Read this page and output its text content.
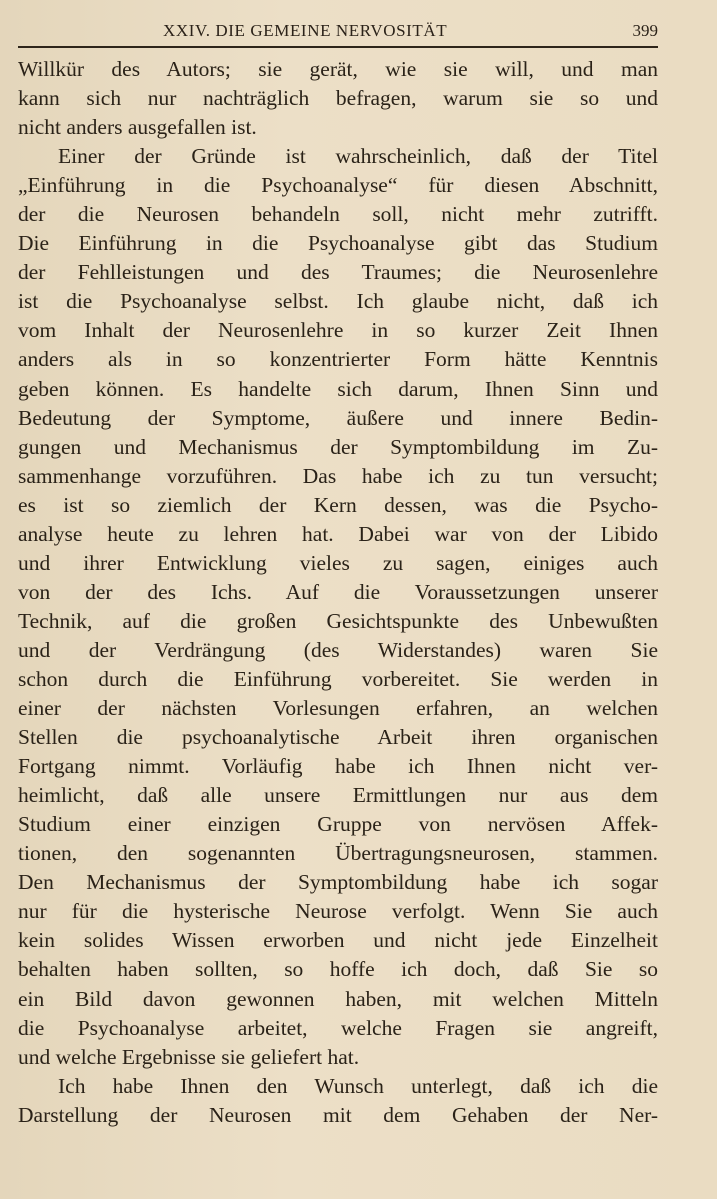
XXIV. DIE GEMEINE NERVOSITÄT	399
Willkür des Autors; sie gerät, wie sie will, und man
kann sich nur nachträglich befragen, warum sie so und
nicht anders ausgefallen ist.
Einer der Gründe ist wahrscheinlich, daß der Titel
„Einführung in die Psychoanalyse“ für diesen Abschnitt,
der die Neurosen behandeln soll, nicht mehr zutrifft.
Die Einführung in die Psychoanalyse gibt das Studium
der Fehlleistungen und des Traumes; die Neurosenlehre
ist die Psychoanalyse selbst. Ich glaube nicht, daß ich
vom Inhalt der Neurosenlehre in so kurzer Zeit Ihnen
anders als in so konzentrierter Form hätte Kenntnis
geben können. Es handelte sich darum, Ihnen Sinn und
Bedeutung der Symptome, äußere und innere Bedin-
gungen und Mechanismus der Symptombildung im Zu-
sammenhange vorzuführen. Das habe ich zu tun versucht;
es ist so ziemlich der Kern dessen, was die Psycho-
analyse heute zu lehren hat. Dabei war von der Libido
und ihrer Entwicklung vieles zu sagen, einiges auch
von der des Ichs. Auf die Voraussetzungen unserer
Technik, auf die großen Gesichtspunkte des Unbewußten
und der Verdrängung (des Widerstandes) waren Sie
schon durch die Einführung vorbereitet. Sie werden in
einer der nächsten Vorlesungen erfahren, an welchen
Stellen die psychoanalytische Arbeit ihren organischen
Fortgang nimmt. Vorläufig habe ich Ihnen nicht ver-
heimlicht, daß alle unsere Ermittlungen nur aus dem
Studium einer einzigen Gruppe von nervösen Affek-
tionen, den sogenannten Übertragungsneurosen, stammen.
Den Mechanismus der Symptombildung habe ich sogar
nur für die hysterische Neurose verfolgt. Wenn Sie auch
kein solides Wissen erworben und nicht jede Einzelheit
behalten haben sollten, so hoffe ich doch, daß Sie so
ein Bild davon gewonnen haben, mit welchen Mitteln
die Psychoanalyse arbeitet, welche Fragen sie angreift,
und welche Ergebnisse sie geliefert hat.
Ich habe Ihnen den Wunsch unterlegt, daß ich die
Darstellung der Neurosen mit dem Gehaben der Ner-
